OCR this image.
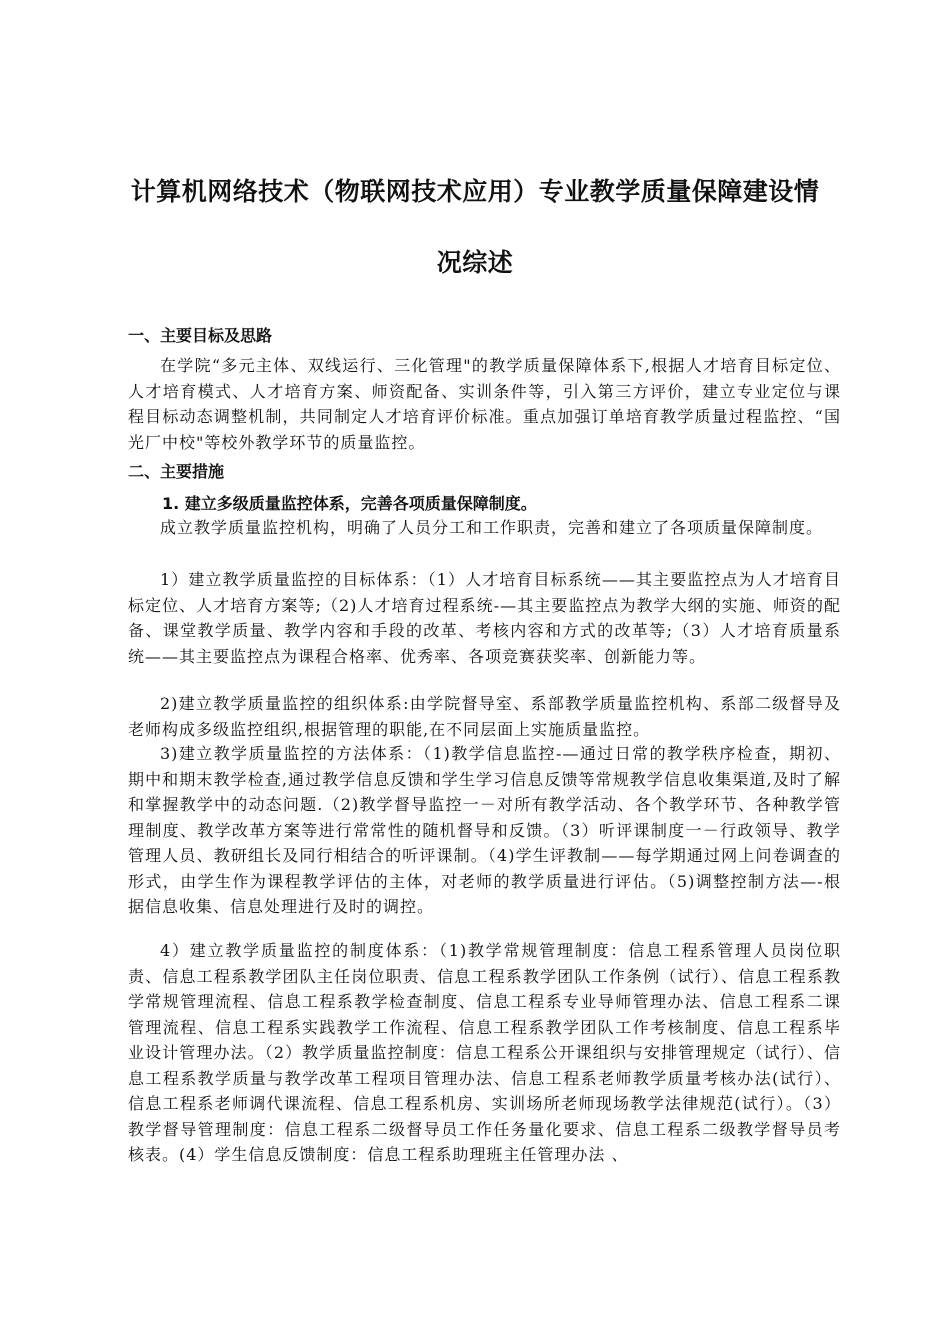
计算机网络技术（物联网技术应用）专业教学质量保障建设情
况综述
一、主要目标及思路
在学院“多元主体、双线运行、三化管理"的教学质量保障体系下,根据人才培育目标定位、人才培育模式、人才培育方案、师资配备、实训条件等，引入第三方评价，建立专业定位与课程目标动态调整机制，共同制定人才培育评价标准。重点加强订单培育教学质量过程监控、“国光厂中校"等校外教学环节的质量监控。
二、主要措施
1. 建立多级质量监控体系，完善各项质量保障制度。
成立教学质量监控机构，明确了人员分工和工作职责，完善和建立了各项质量保障制度。
1）建立教学质量监控的目标体系：（1）人才培育目标系统——其主要监控点为人才培育目标定位、人才培育方案等;（2)人才培育过程系统-—其主要监控点为教学大纲的实施、师资的配备、课堂教学质量、教学内容和手段的改革、考核内容和方式的改革等;（3）人才培育质量系统——其主要监控点为课程合格率、优秀率、各项竞赛获奖率、创新能力等。
2)建立教学质量监控的组织体系:由学院督导室、系部教学质量监控机构、系部二级督导及老师构成多级监控组织,根据管理的职能,在不同层面上实施质量监控。
3)建立教学质量监控的方法体系：（1)教学信息监控-—通过日常的教学秩序检查，期初、期中和期末教学检查,通过教学信息反馈和学生学习信息反馈等常规教学信息收集渠道,及时了解和掌握教学中的动态问题.（2)教学督导监控一－对所有教学活动、各个教学环节、各种教学管理制度、教学改革方案等进行常常性的随机督导和反馈。（3）听评课制度一－行政领导、教学管理人员、教研组长及同行相结合的听评课制。（4)学生评教制——每学期通过网上问卷调查的形式，由学生作为课程教学评估的主体，对老师的教学质量进行评估。（5)调整控制方法—-根据信息收集、信息处理进行及时的调控。
4）建立教学质量监控的制度体系：（1)教学常规管理制度：信息工程系管理人员岗位职责、信息工程系教学团队主任岗位职责、信息工程系教学团队工作条例（试行）、信息工程系教学常规管理流程、信息工程系教学检查制度、信息工程系专业导师管理办法、信息工程系二课管理流程、信息工程系实践教学工作流程、信息工程系教学团队工作考核制度、信息工程系毕业设计管理办法。（2）教学质量监控制度：信息工程系公开课组织与安排管理规定（试行）、信息工程系教学质量与教学改革工程项目管理办法、信息工程系老师教学质量考核办法(试行）、信息工程系老师调代课流程、信息工程系机房、实训场所老师现场教学法律规范(试行）。（3）教学督导管理制度：信息工程系二级督导员工作任务量化要求、信息工程系二级教学督导员考核表。(4）学生信息反馈制度：信息工程系助理班主任管理办法 、
